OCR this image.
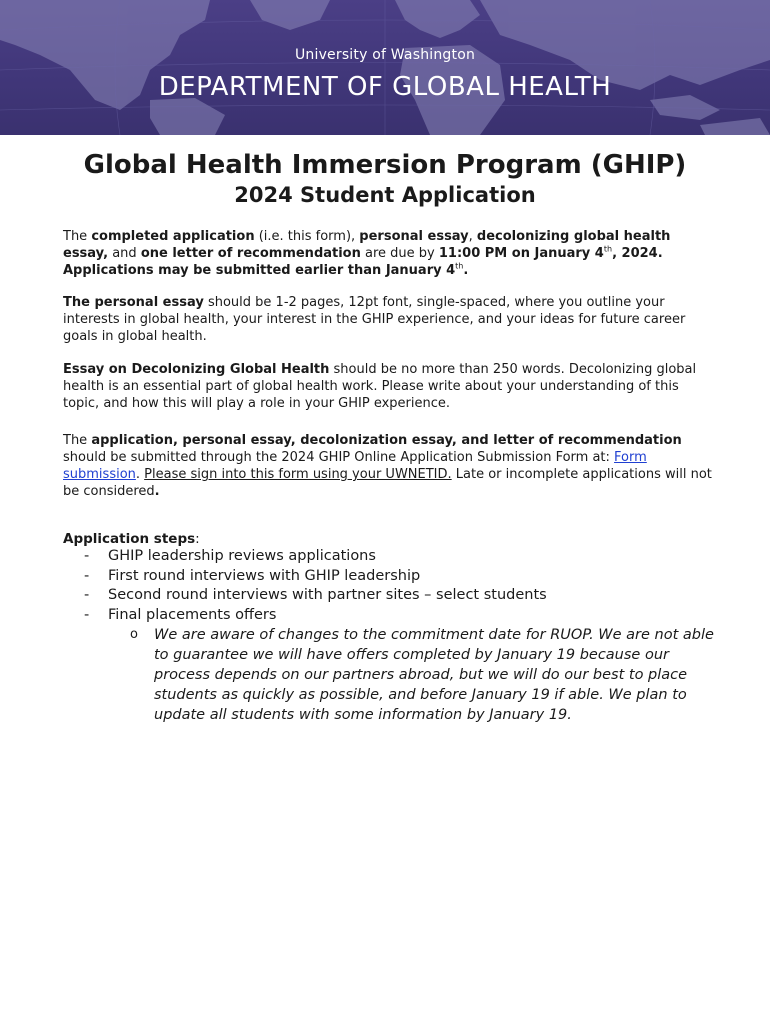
University of Washington
DEPARTMENT OF GLOBAL HEALTH
Global Health Immersion Program (GHIP)
2024 Student Application
The completed application (i.e. this form), personal essay, decolonizing global health essay, and one letter of recommendation are due by 11:00 PM on January 4th, 2024. Applications may be submitted earlier than January 4th.
The personal essay should be 1-2 pages, 12pt font, single-spaced, where you outline your interests in global health, your interest in the GHIP experience, and your ideas for future career goals in global health.
Essay on Decolonizing Global Health should be no more than 250 words. Decolonizing global health is an essential part of global health work. Please write about your understanding of this topic, and how this will play a role in your GHIP experience.
The application, personal essay, decolonization essay, and letter of recommendation should be submitted through the 2024 GHIP Online Application Submission Form at: Form submission. Please sign into this form using your UWNETID. Late or incomplete applications will not be considered.
Application steps:
- GHIP leadership reviews applications
- First round interviews with GHIP leadership
- Second round interviews with partner sites – select students
- Final placements offers
o We are aware of changes to the commitment date for RUOP. We are not able to guarantee we will have offers completed by January 19 because our process depends on our partners abroad, but we will do our best to place students as quickly as possible, and before January 19 if able. We plan to update all students with some information by January 19.
